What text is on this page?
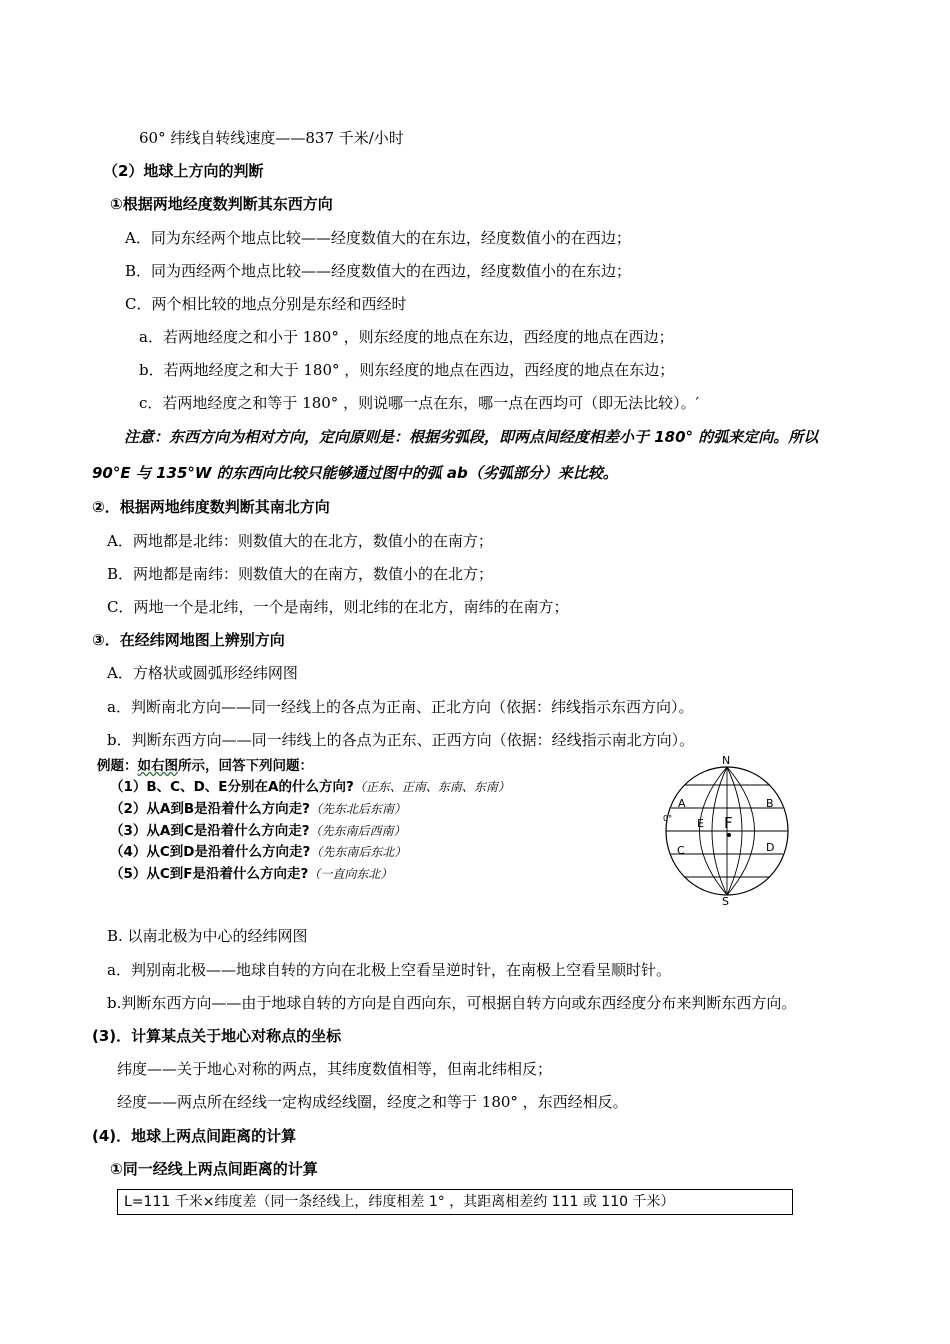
60° 纬线自转线速度——837 千米/小时
（2）地球上方向的判断
①根据两地经度数判断其东西方向
A．同为东经两个地点比较——经度数值大的在东边，经度数值小的在西边；
B．同为西经两个地点比较——经度数值大的在西边，经度数值小的在东边；
C．两个相比较的地点分别是东经和西经时
a．若两地经度之和小于 180° ，则东经度的地点在东边，西经度的地点在西边；
b．若两地经度之和大于 180° ，则东经度的地点在西边，西经度的地点在东边；
c．若两地经度之和等于 180° ，则说哪一点在东，哪一点在西均可（即无法比较）。′
注意：东西方向为相对方向，定向原则是：根据劣弧段，即两点间经度相差小于 180° 的弧来定向。所以
90°E 与 135°W 的东西向比较只能够通过图中的弧 ab（劣弧部分）来比较。
②．根据两地纬度数判断其南北方向
A．两地都是北纬：则数值大的在北方，数值小的在南方；
B．两地都是南纬：则数值大的在南方，数值小的在北方；
C．两地一个是北纬，一个是南纬，则北纬的在北方，南纬的在南方；
③．在经纬网地图上辨别方向
A．方格状或圆弧形经纬网图
a．判断南北方向——同一经线上的各点为正南、正北方向（依据：纬线指示东西方向）。
b．判断东西方向——同一纬线上的各点为正东、正西方向（依据：经线指示南北方向）。
例题：如右图所示，回答下列问题：
（1）B、C、D、E分别在A的什么方向?（正东、正南、东南、东南）
（2）从A到B是沿着什么方向走?（先东北后东南）
（3）从A到C是沿着什么方向走?（先东南后西南）
（4）从C到D是沿着什么方向走?（先东南后东北）
（5）从C到F是沿着什么方向走?（一直向东北）
N
S
A	B
0° E F
C	D
B. 以南北极为中心的经纬网图
a．判别南北极——地球自转的方向在北极上空看呈逆时针，在南极上空看呈顺时针。
b.判断东西方向——由于地球自转的方向是自西向东，可根据自转方向或东西经度分布来判断东西方向。
(3)．计算某点关于地心对称点的坐标
纬度——关于地心对称的两点，其纬度数值相等，但南北纬相反；
经度——两点所在经线一定构成经线圈，经度之和等于 180° ，东西经相反。
(4)．地球上两点间距离的计算
①同一经线上两点间距离的计算
L=111 千米×纬度差（同一条经线上，纬度相差 1° ，其距离相差约 111 或 110 千米）
